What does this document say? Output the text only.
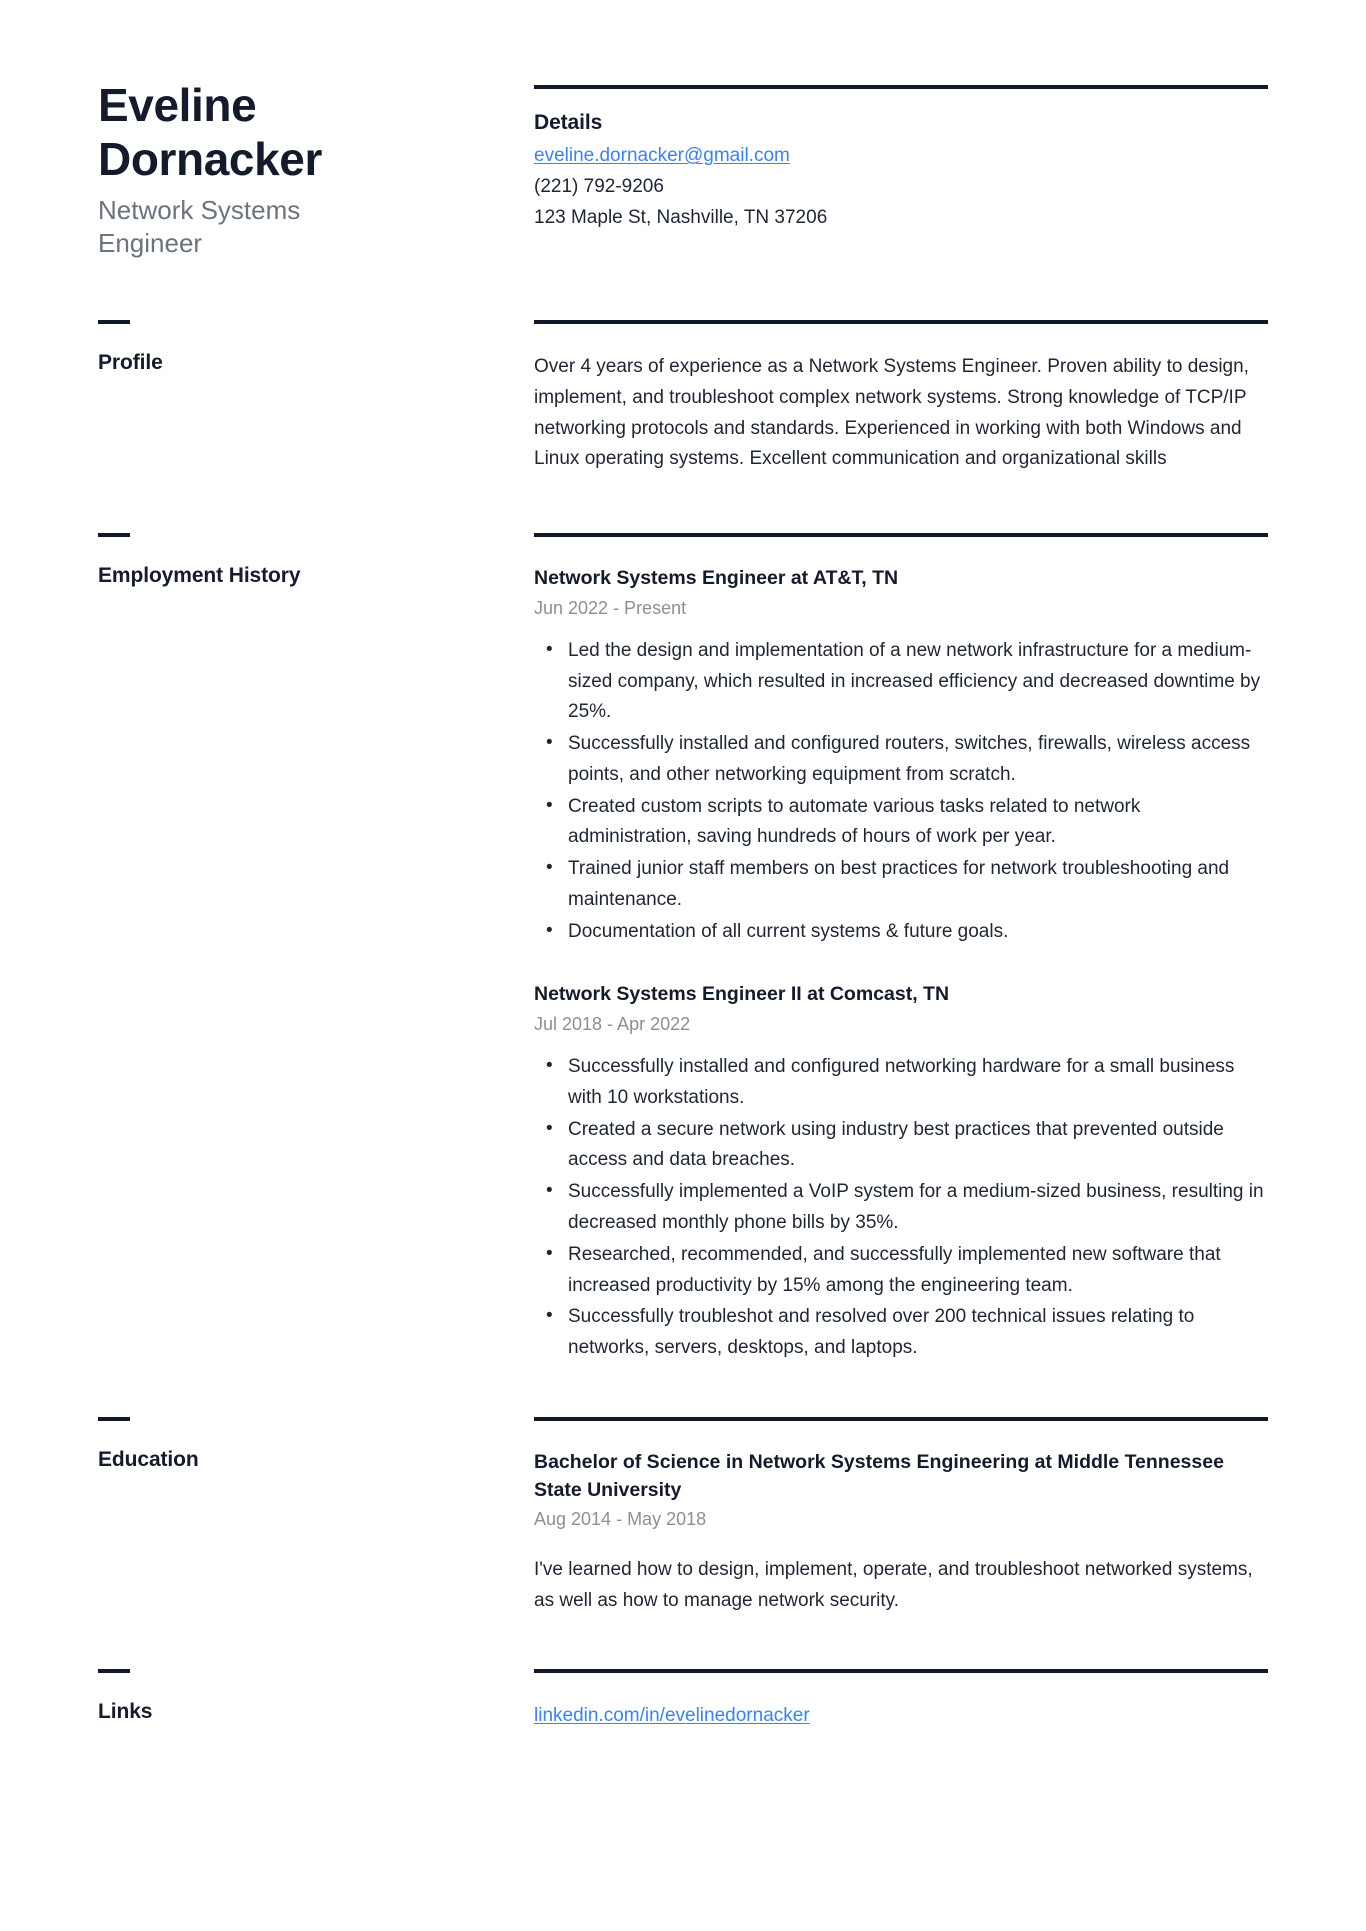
Eveline Dornacker
Network Systems Engineer
Details
eveline.dornacker@gmail.com
(221) 792-9206
123 Maple St, Nashville, TN 37206
Profile	Over 4 years of experience as a Network Systems Engineer. Proven ability to design, implement, and troubleshoot complex network systems. Strong knowledge of TCP/IP networking protocols and standards. Experienced in working with both Windows and Linux operating systems. Excellent communication and organizational skills

Employment History	Network Systems Engineer at AT&T, TN
Jun 2022 - Present
• Led the design and implementation of a new network infrastructure for a medium-sized company, which resulted in increased efficiency and decreased downtime by 25%.
• Successfully installed and configured routers, switches, firewalls, wireless access points, and other networking equipment from scratch.
• Created custom scripts to automate various tasks related to network administration, saving hundreds of hours of work per year.
• Trained junior staff members on best practices for network troubleshooting and maintenance.
• Documentation of all current systems & future goals.
Network Systems Engineer II at Comcast, TN
Jul 2018 - Apr 2022
• Successfully installed and configured networking hardware for a small business with 10 workstations.
• Created a secure network using industry best practices that prevented outside access and data breaches.
• Successfully implemented a VoIP system for a medium-sized business, resulting in decreased monthly phone bills by 35%.
• Researched, recommended, and successfully implemented new software that increased productivity by 15% among the engineering team.
• Successfully troubleshot and resolved over 200 technical issues relating to networks, servers, desktops, and laptops.
Education	Bachelor of Science in Network Systems Engineering at Middle Tennessee State University
Aug 2014 - May 2018

I've learned how to design, implement, operate, and troubleshoot networked systems, as well as how to manage network security.

Links	linkedin.com/in/evelinedornacker
